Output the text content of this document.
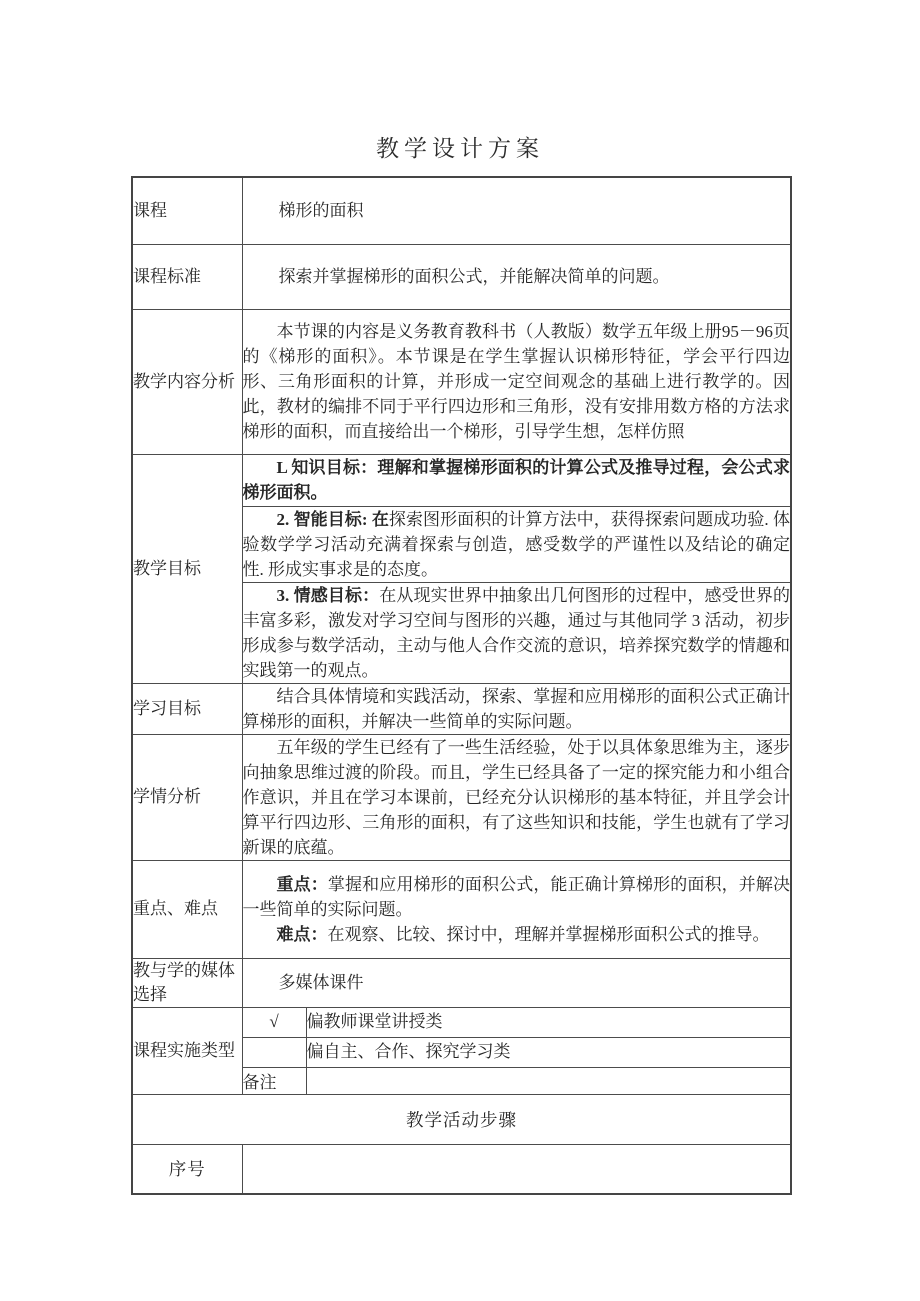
教学设计方案
课程	梯形的面积	

课程标准	探索并掌握梯形的面积公式，并能解决简单的问题。	

教学内容分析	本节课的内容是义务教育教科书（人教版）数学五年级上册95－96页的《梯形的面积》。本节课是在学生掌握认识梯形特征，学会平行四边形、三角形面积的计算，并形成一定空间观念的基础上进行教学的。因此，教材的编排不同于平行四边形和三角形，没有安排用数方格的方法求梯形的面积，而直接给出一个梯形，引导学生想，怎样仿照	

教学目标	L 知识目标：理解和掌握梯形面积的计算公式及推导过程，会公式求梯形面积。	

	2. 智能目标: 在探索图形面积的计算方法中，获得探索问题成功验. 体验数学学习活动充满着探索与创造，感受数学的严谨性以及结论的确定性. 形成实事求是的态度。	

	3. 情感目标：在从现实世界中抽象出几何图形的过程中，感受世界的丰富多彩，激发对学习空间与图形的兴趣，通过与其他同学 3 活动，初步形成参与数学活动，主动与他人合作交流的意识，培养探究数学的情趣和实践第一的观点。	

学习目标	结合具体情境和实践活动，探索、掌握和应用梯形的面积公式正确计算梯形的面积，并解决一些简单的实际问题。	

学情分析	五年级的学生已经有了一些生活经验，处于以具体象思维为主，逐步向抽象思维过渡的阶段。而且，学生已经具备了一定的探究能力和小组合作意识，并且在学习本课前，已经充分认识梯形的基本特征，并且学会计算平行四边形、三角形的面积，有了这些知识和技能，学生也就有了学习新课的底蕴。	

重点、难点	重点：掌握和应用梯形的面积公式，能正确计算梯形的面积，并解决一些简单的实际问题。

难点：在观察、比较、探讨中，理解并掌握梯形面积公式的推导。	

教与学的媒体选择	多媒体课件	

课程实施类型	√	偏教师课堂讲授类
		偏自主、合作、探究学习类
	备注	
教学活动步骤		
序号		
